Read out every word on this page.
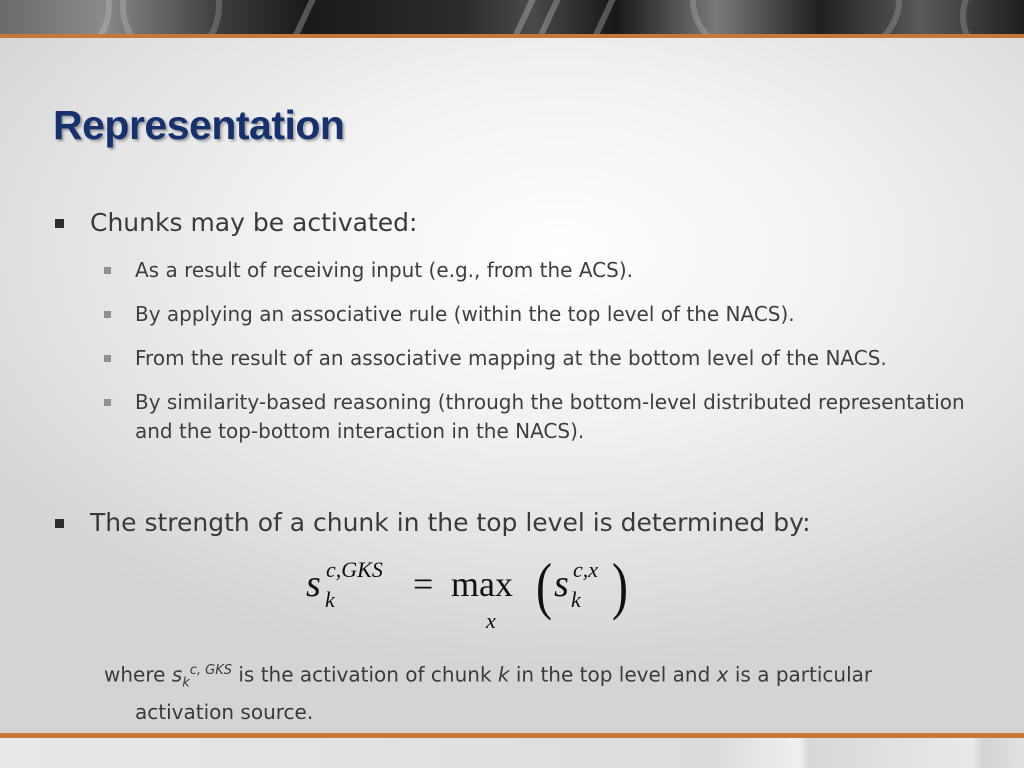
Representation
Chunks may be activated:
As a result of receiving input (e.g., from the ACS).
By applying an associative rule (within the top level of the NACS).
From the result of an associative mapping at the bottom level of the NACS.
By similarity-based reasoning (through the bottom-level distributed representation and the top-bottom interaction in the NACS).
The strength of a chunk in the top level is determined by:
s c,GKS
k = max
x ( s c,x
k )
where $s_k^{c, GKS}$ is the activation of chunk k in the top level and x is a particular
activation source.
